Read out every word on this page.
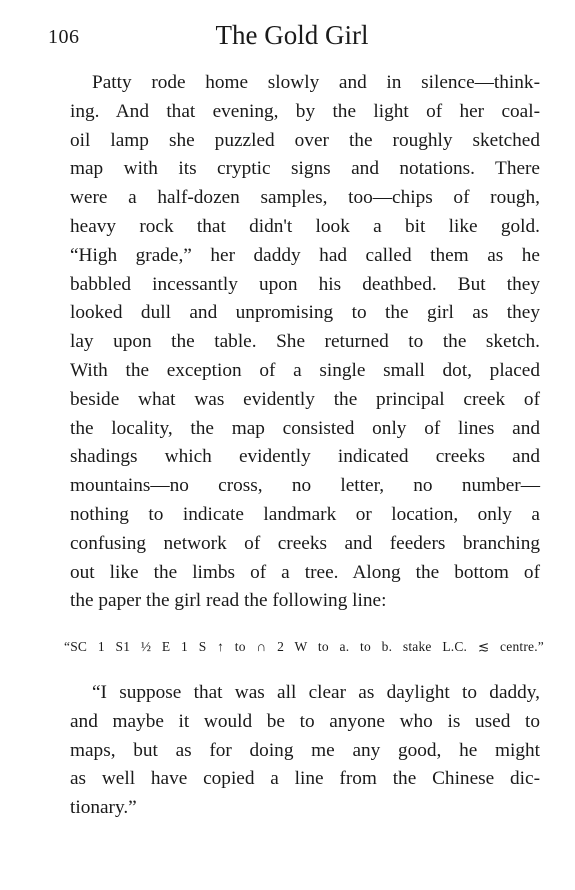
106	The Gold Girl
Patty rode home slowly and in silence—think-
ing. And that evening, by the light of her coal-
oil lamp she puzzled over the roughly sketched
map with its cryptic signs and notations. There
were a half-dozen samples, too—chips of rough,
heavy rock that didn't look a bit like gold.
“High grade,” her daddy had called them as he
babbled incessantly upon his deathbed. But they
looked dull and unpromising to the girl as they
lay upon the table. She returned to the sketch.
With the exception of a single small dot, placed
beside what was evidently the principal creek of
the locality, the map consisted only of lines and
shadings which evidently indicated creeks and
mountains—no cross, no letter, no number—
nothing to indicate landmark or location, only a
confusing network of creeks and feeders branching
out like the limbs of a tree. Along the bottom of
the paper the girl read the following line:
“SC 1 S1 ½ E 1 S ↑ to ∩ 2 W to a. to b. stake L.C. ≲ centre.”
“I suppose that was all clear as daylight to daddy,
and maybe it would be to anyone who is used to
maps, but as for doing me any good, he might
as well have copied a line from the Chinese dic-
tionary.”
